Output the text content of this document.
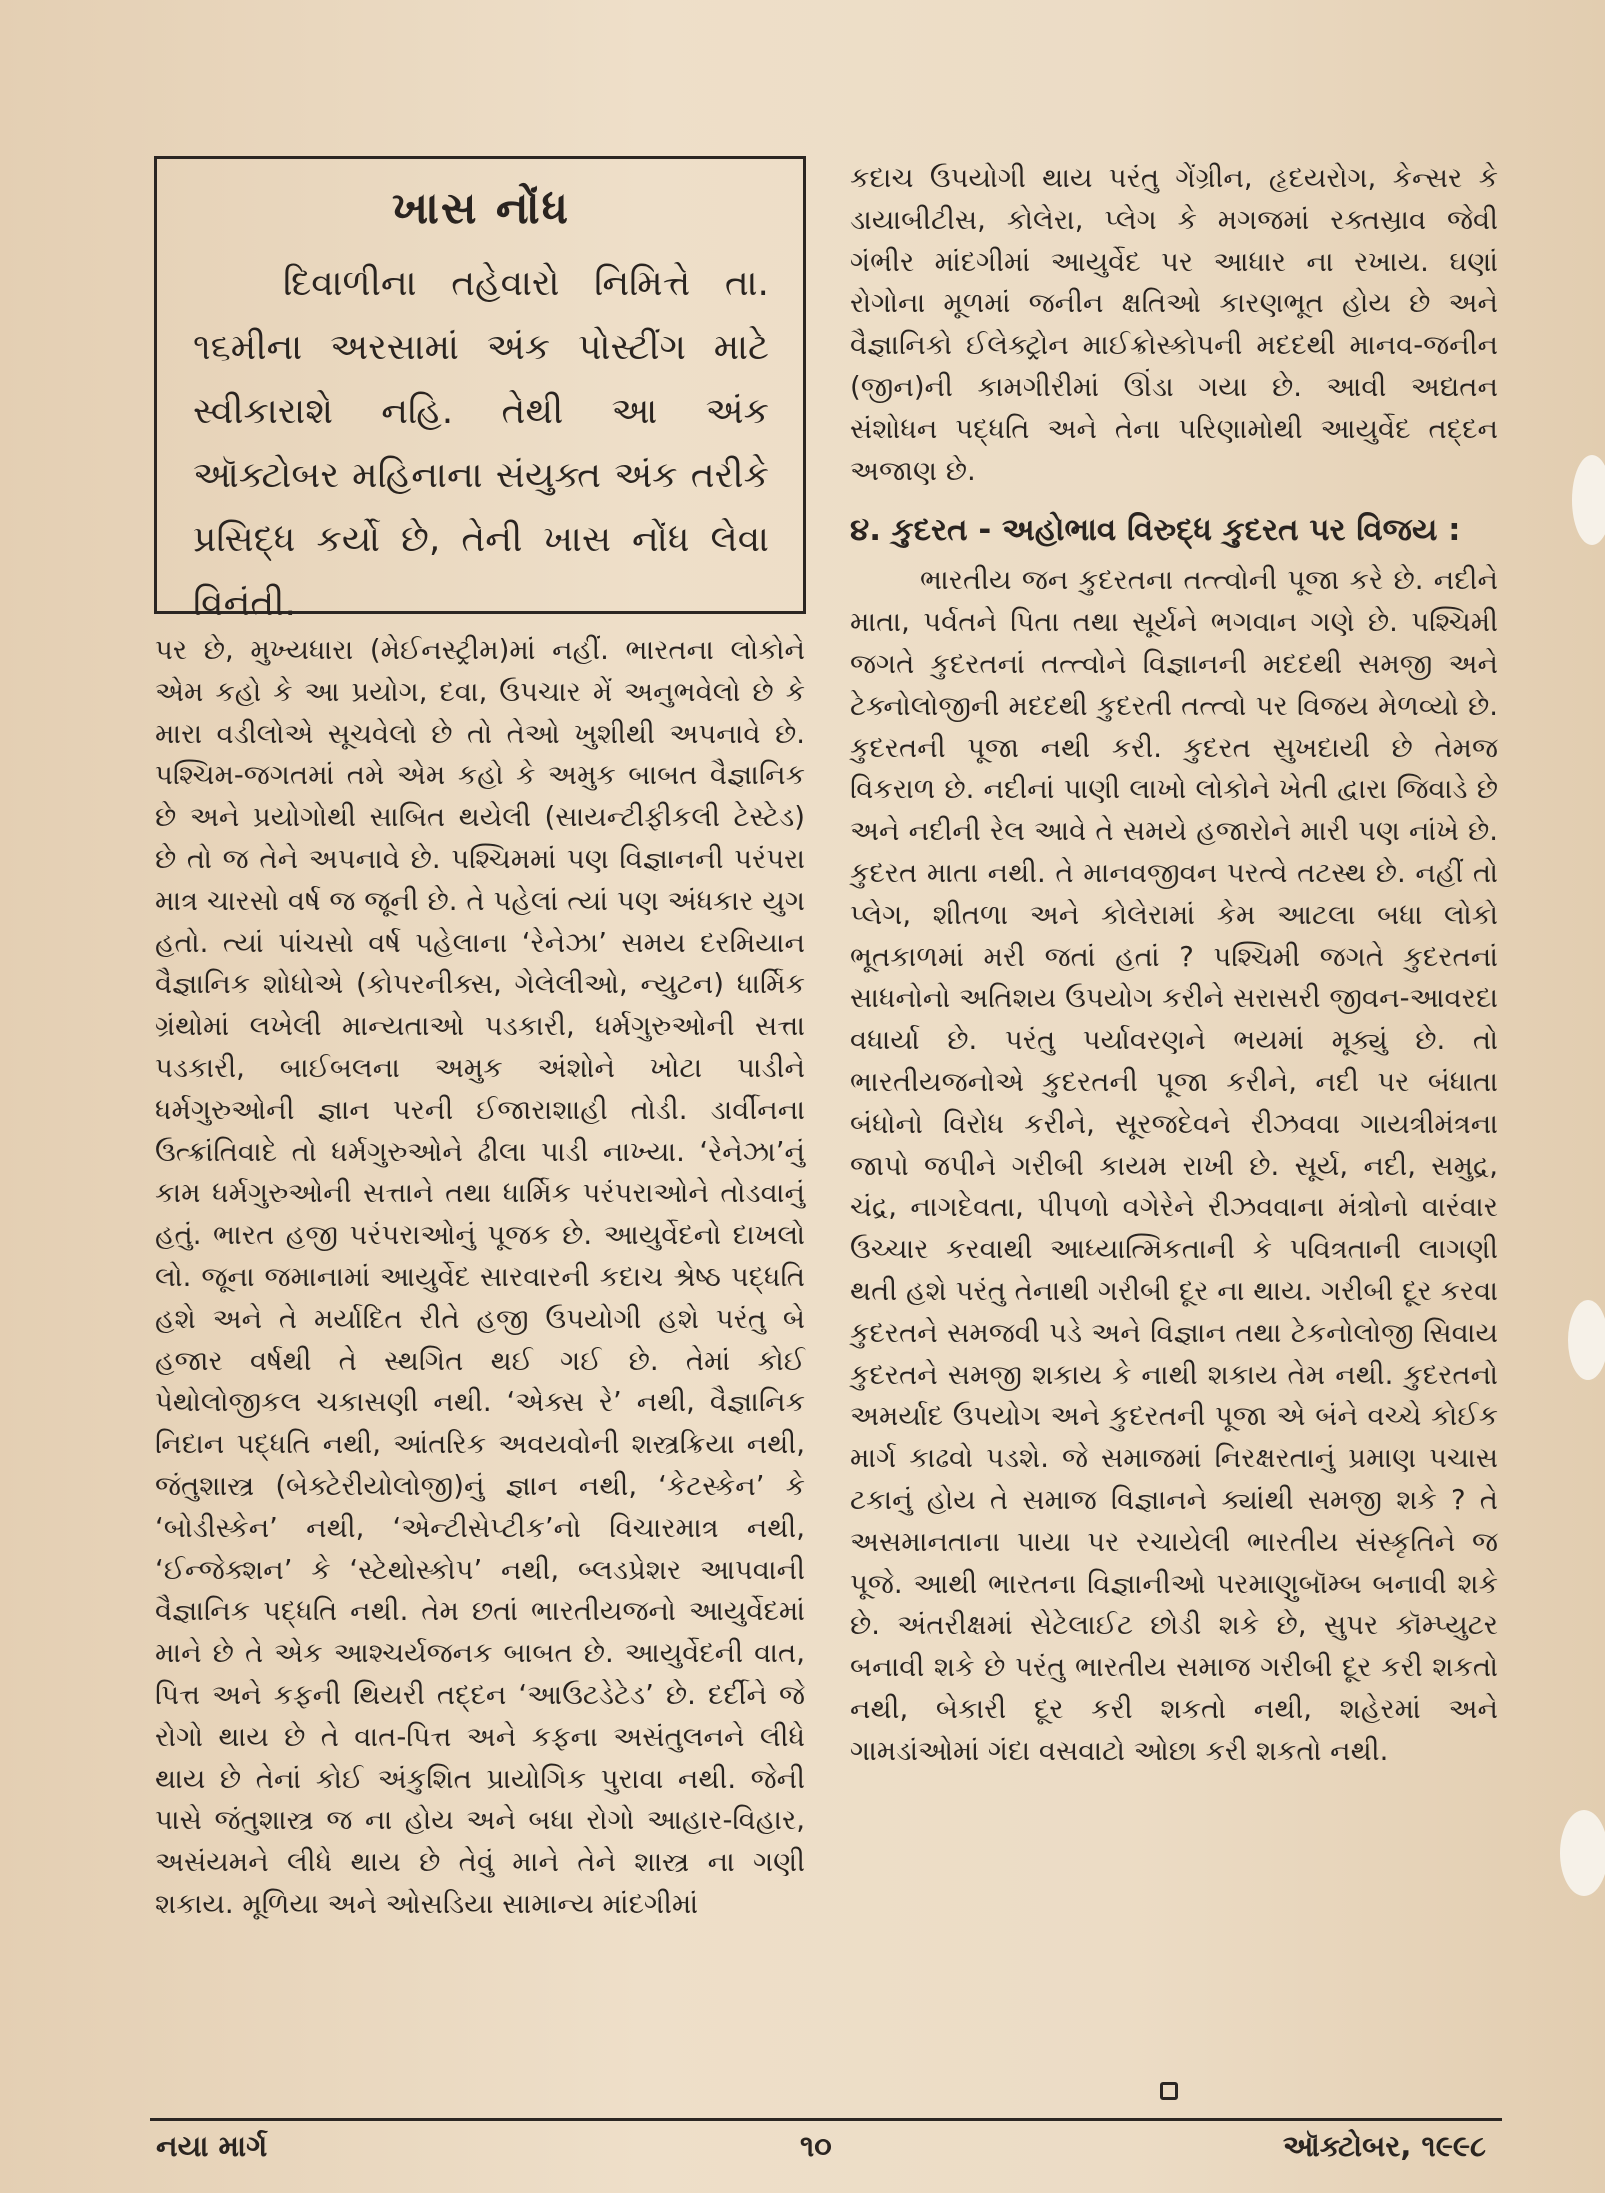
ખાસ નોંધ

દિવાળીના તહેવારો નિમિત્તે તા. ૧૬મીના અરસામાં અંક પોસ્ટીંગ માટે સ્વીકારાશે નહિ. તેથી આ અંક ઑક્ટોબર મહિનાના સંયુક્ત અંક તરીકે પ્રસિદ્ધ કર્યો છે, તેની ખાસ નોંધ લેવા વિનંતી.

પર છે, મુખ્યધારા (મેઈનસ્ટ્રીમ)માં નહીં. ભારતના લોકોને એમ કહો કે આ પ્રયોગ, દવા, ઉપચાર મેં અનુભવેલો છે કે મારા વડીલોએ સૂચવેલો છે તો તેઓ ખુશીથી અપનાવે છે. પશ્ચિમ-જગતમાં તમે એમ કહો કે અમુક બાબત વૈજ્ઞાનિક છે અને પ્રયોગોથી સાબિત થયેલી (સાયન્ટીફીકલી ટેસ્ટેડ) છે તો જ તેને અપનાવે છે. પશ્ચિમમાં પણ વિજ્ઞાનની પરંપરા માત્ર ચારસો વર્ષ જ જૂની છે. તે પહેલાં ત્યાં પણ અંધકાર યુગ હતો. ત્યાં પાંચસો વર્ષ પહેલાના ‘રેનેઝા’ સમય દરમિયાન વૈજ્ઞાનિક શોધોએ (કોપરનીક્સ, ગેલેલીઓ, ન્યુટન) ધાર્મિક ગ્રંથોમાં લખેલી માન્યતાઓ પડકારી, ધર્મગુરુઓની સત્તા પડકારી, બાઈબલના અમુક અંશોને ખોટા પાડીને ધર્મગુરુઓની જ્ઞાન પરની ઈજારાશાહી તોડી. ડાર્વીનના ઉત્ક્રાંતિવાદે તો ધર્મગુરુઓને ઢીલા પાડી નાખ્યા. ‘રેનેઝા’નું કામ ધર્મગુરુઓની સત્તાને તથા ધાર્મિક પરંપરાઓને તોડવાનું હતું. ભારત હજી પરંપરાઓનું પૂજક છે. આયુર્વેદનો દાખલો લો. જૂના જમાનામાં આયુર્વેદ સારવારની કદાચ શ્રેષ્ઠ પદ્ધતિ હશે અને તે મર્યાદિત રીતે હજી ઉપયોગી હશે પરંતુ બે હજાર વર્ષથી તે સ્થગિત થઈ ગઈ છે. તેમાં કોઈ પેથોલોજીકલ ચકાસણી નથી. ‘એક્સ રે’ નથી, વૈજ્ઞાનિક નિદાન પદ્ધતિ નથી, આંતરિક અવયવોની શસ્ત્રક્રિયા નથી, જંતુશાસ્ત્ર (બેક્ટેરીયોલોજી)નું જ્ઞાન નથી, ‘કેટસ્કેન’ કે ‘બોડીસ્કેન’ નથી, ‘એન્ટીસેપ્ટીક’નો વિચારમાત્ર નથી, ‘ઈન્જેક્શન’ કે ‘સ્ટેથોસ્કોપ’ નથી, બ્લડપ્રેશર આપવાની વૈજ્ઞાનિક પદ્ધતિ નથી. તેમ છતાં ભારતીયજનો આયુર્વેદમાં માને છે તે એક આશ્ચર્યજનક બાબત છે. આયુર્વેદની વાત, પિત્ત અને કફની થિયરી તદ્દન ‘આઉટડેટેડ’ છે. દર્દીને જે રોગો થાય છે તે વાત-પિત્ત અને કફના અસંતુલનને લીધે થાય છે તેનાં કોઈ અંકુશિત પ્રાયોગિક પુરાવા નથી. જેની પાસે જંતુશાસ્ત્ર જ ના હોય અને બધા રોગો આહાર-વિહાર, અસંયમને લીધે થાય છે તેવું માને તેને શાસ્ત્ર ના ગણી શકાય. મૂળિયા અને ઓસડિયા સામાન્ય માંદગીમાં

કદાચ ઉપયોગી થાય પરંતુ ગેંગ્રીન, હૃદયરોગ, કેન્સર કે ડાયાબીટીસ, કોલેરા, પ્લેગ કે મગજમાં રક્તસ્રાવ જેવી ગંભીર માંદગીમાં આયુર્વેદ પર આધાર ના રખાય. ઘણાં રોગોના મૂળમાં જનીન ક્ષતિઓ કારણભૂત હોય છે અને વૈજ્ઞાનિકો ઈલેક્ટ્રોન માઈક્રોસ્કોપની મદદથી માનવ-જનીન (જીન)ની કામગીરીમાં ઊંડા ગયા છે. આવી અદ્યતન સંશોધન પદ્ધતિ અને તેના પરિણામોથી આયુર્વેદ તદ્દન અજાણ છે.

૪. કુદરત - અહોભાવ વિરુદ્ધ કુદરત પર વિજય :

ભારતીય જન કુદરતના તત્ત્વોની પૂજા કરે છે. નદીને માતા, પર્વતને પિતા તથા સૂર્યને ભગવાન ગણે છે. પશ્ચિમી જગતે કુદરતનાં તત્ત્વોને વિજ્ઞાનની મદદથી સમજી અને ટેક્નોલોજીની મદદથી કુદરતી તત્ત્વો પર વિજય મેળવ્યો છે. કુદરતની પૂજા નથી કરી. કુદરત સુખદાયી છે તેમજ વિકરાળ છે. નદીનાં પાણી લાખો લોકોને ખેતી દ્વારા જિવાડે છે અને નદીની રેલ આવે તે સમયે હજારોને મારી પણ નાંખે છે. કુદરત માતા નથી. તે માનવજીવન પરત્વે તટસ્થ છે. નહીં તો પ્લેગ, શીતળા અને કોલેરામાં કેમ આટલા બધા લોકો ભૂતકાળમાં મરી જતાં હતાં ? પશ્ચિમી જગતે કુદરતનાં સાધનોનો અતિશય ઉપયોગ કરીને સરાસરી જીવન-આવરદા વધાર્યા છે. પરંતુ પર્યાવરણને ભયમાં મૂક્યું છે. તો ભારતીયજનોએ કુદરતની પૂજા કરીને, નદી પર બંધાતા બંધોનો વિરોધ કરીને, સૂરજદેવને રીઝવવા ગાયત્રીમંત્રના જાપો જપીને ગરીબી કાયમ રાખી છે. સૂર્ય, નદી, સમુદ્ર, ચંદ્ર, નાગદેવતા, પીપળો વગેરેને રીઝવવાના મંત્રોનો વારંવાર ઉચ્ચાર કરવાથી આધ્યાત્મિકતાની કે પવિત્રતાની લાગણી થતી હશે પરંતુ તેનાથી ગરીબી દૂર ના થાય. ગરીબી દૂર કરવા કુદરતને સમજવી પડે અને વિજ્ઞાન તથા ટેકનોલોજી સિવાય કુદરતને સમજી શકાય કે નાથી શકાય તેમ નથી. કુદરતનો અમર્યાદ ઉપયોગ અને કુદરતની પૂજા એ બંને વચ્ચે કોઈક માર્ગ કાઢવો પડશે. જે સમાજમાં નિરક્ષરતાનું પ્રમાણ પચાસ ટકાનું હોય તે સમાજ વિજ્ઞાનને ક્યાંથી સમજી શકે ? તે અસમાનતાના પાયા પર રચાયેલી ભારતીય સંસ્કૃતિને જ પૂજે. આથી ભારતના વિજ્ઞાનીઓ પરમાણુબૉમ્બ બનાવી શકે છે. અંતરીક્ષમાં સેટેલાઈટ છોડી શકે છે, સુપર કૉમ્પ્યુટર બનાવી શકે છે પરંતુ ભારતીય સમાજ ગરીબી દૂર કરી શકતો નથી, બેકારી દૂર કરી શકતો નથી, શહેરમાં અને ગામડાંઓમાં ગંદા વસવાટો ઓછા કરી શકતો નથી.

નયા માર્ગ	૧૦	ઑક્ટોબર, ૧૯૯૮
